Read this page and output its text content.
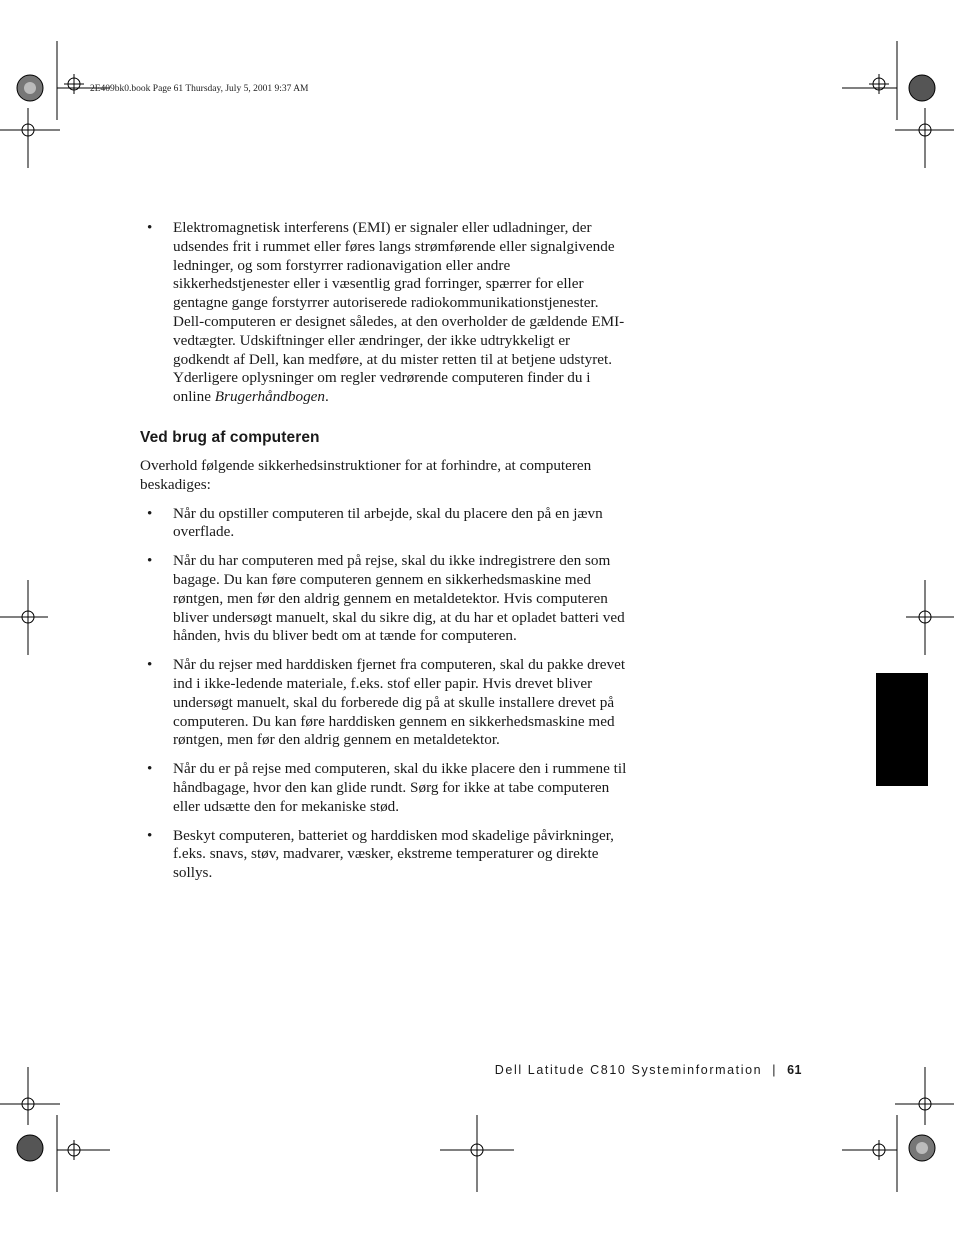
2E409bk0.book Page 61 Thursday, July 5, 2001 9:37 AM
• Elektromagnetisk interferens (EMI) er signaler eller udladninger, der udsendes frit i rummet eller føres langs strømførende eller signalgivende ledninger, og som forstyrrer radionavigation eller andre sikkerhedstjenester eller i væsentlig grad forringer, spærrer for eller gentagne gange forstyrrer autoriserede radiokommunikationstjenester. Dell-computeren er designet således, at den overholder de gældende EMI-vedtægter. Udskiftninger eller ændringer, der ikke udtrykkeligt er godkendt af Dell, kan medføre, at du mister retten til at betjene udstyret. Yderligere oplysninger om regler vedrørende computeren finder du i online Brugerhåndbogen.
Ved brug af computeren

Overhold følgende sikkerhedsinstruktioner for at forhindre, at computeren beskadiges:

• Når du opstiller computeren til arbejde, skal du placere den på en jævn overflade.
• Når du har computeren med på rejse, skal du ikke indregistrere den som bagage. Du kan føre computeren gennem en sikkerhedsmaskine med røntgen, men før den aldrig gennem en metaldetektor. Hvis computeren bliver undersøgt manuelt, skal du sikre dig, at du har et opladet batteri ved hånden, hvis du bliver bedt om at tænde for computeren.
• Når du rejser med harddisken fjernet fra computeren, skal du pakke drevet ind i ikke-ledende materiale, f.eks. stof eller papir. Hvis drevet bliver undersøgt manuelt, skal du forberede dig på at skulle installere drevet på computeren. Du kan føre harddisken gennem en sikkerhedsmaskine med røntgen, men før den aldrig gennem en metaldetektor.
• Når du er på rejse med computeren, skal du ikke placere den i rummene til håndbagage, hvor den kan glide rundt. Sørg for ikke at tabe computeren eller udsætte den for mekaniske stød.
• Beskyt computeren, batteriet og harddisken mod skadelige påvirkninger, f.eks. snavs, støv, madvarer, væsker, ekstreme temperaturer og direkte sollys.
Dell Latitude C810 Systeminformation | 61
